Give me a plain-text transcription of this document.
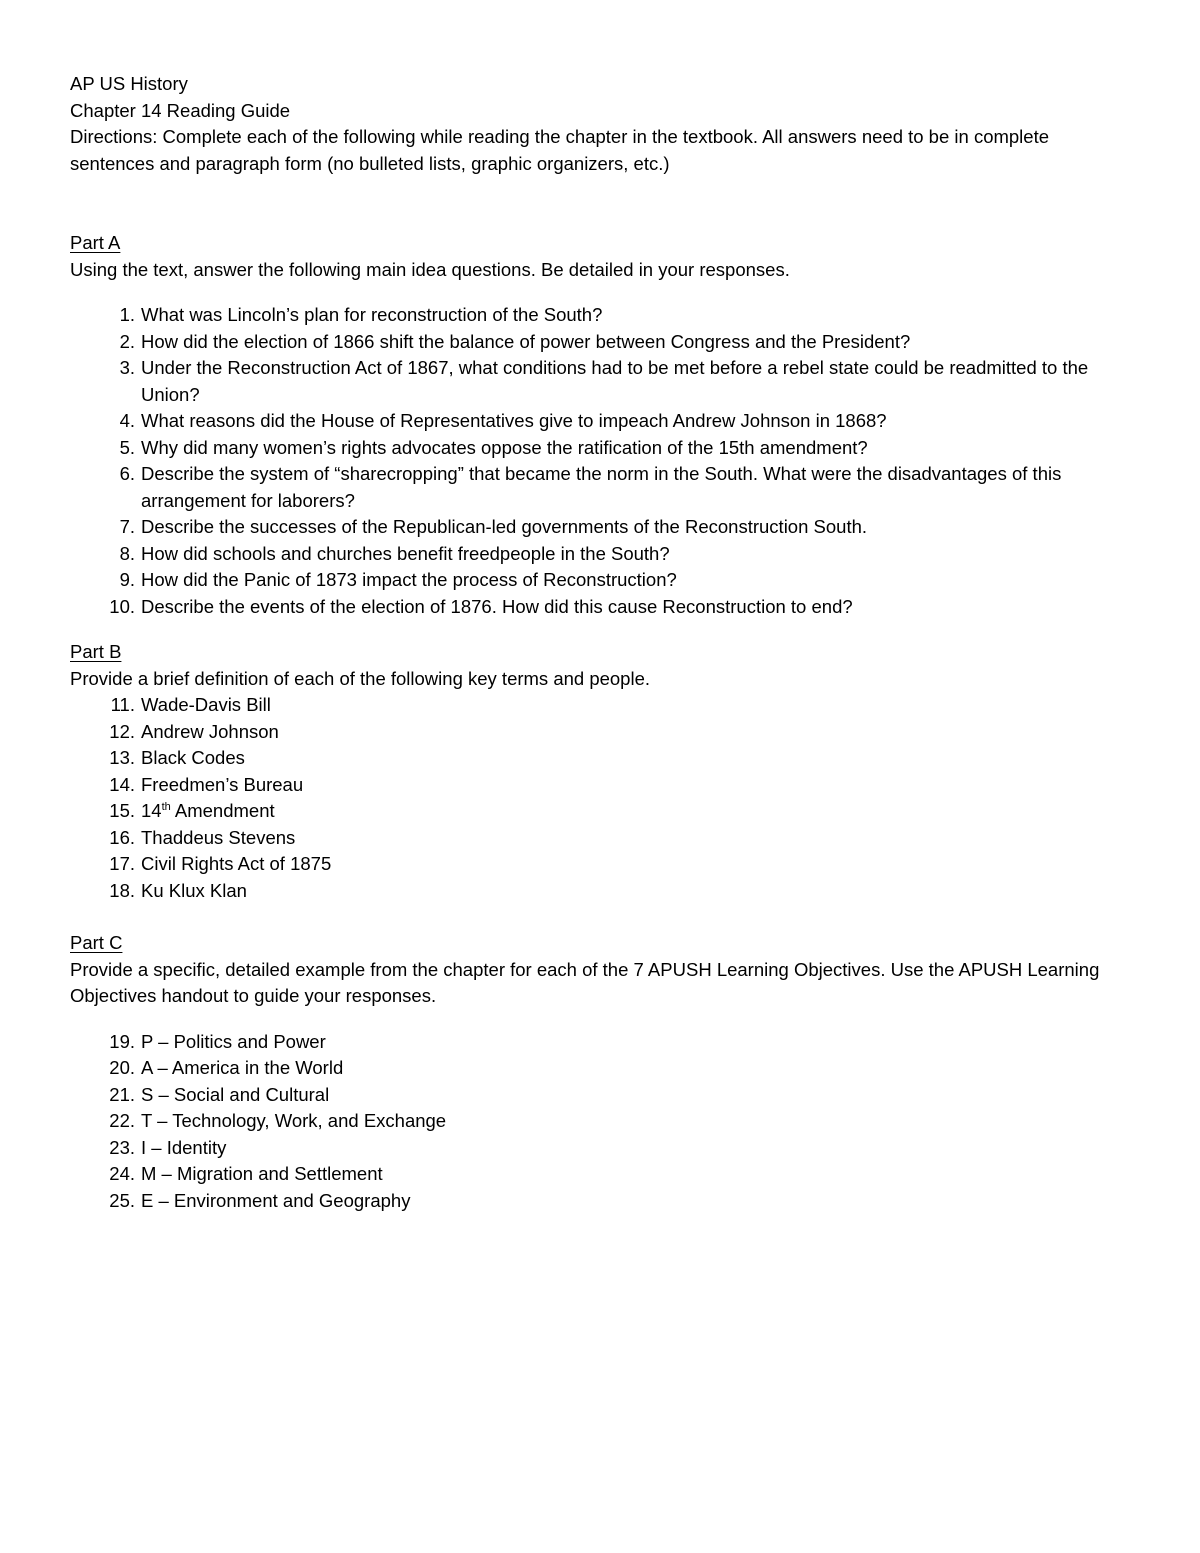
AP US History

Chapter 14 Reading Guide

Directions: Complete each of the following while reading the chapter in the textbook. All answers need to be in complete sentences and paragraph form (no bulleted lists, graphic organizers, etc.)

Part A

Using the text, answer the following main idea questions. Be detailed in your responses.

1. What was Lincoln’s plan for reconstruction of the South?
2. How did the election of 1866 shift the balance of power between Congress and the President?
3. Under the Reconstruction Act of 1867, what conditions had to be met before a rebel state could be readmitted to the Union?
4. What reasons did the House of Representatives give to impeach Andrew Johnson in 1868?
5. Why did many women’s rights advocates oppose the ratification of the 15th amendment?
6. Describe the system of “sharecropping” that became the norm in the South. What were the disadvantages of this arrangement for laborers?
7. Describe the successes of the Republican-led governments of the Reconstruction South.
8. How did schools and churches benefit freedpeople in the South?
9. How did the Panic of 1873 impact the process of Reconstruction?
10. Describe the events of the election of 1876. How did this cause Reconstruction to end?

Part B

Provide a brief definition of each of the following key terms and people.

11. Wade-Davis Bill
12. Andrew Johnson
13. Black Codes
14. Freedmen’s Bureau
15. 14th Amendment
16. Thaddeus Stevens
17. Civil Rights Act of 1875
18. Ku Klux Klan

Part C

Provide a specific, detailed example from the chapter for each of the 7 APUSH Learning Objectives. Use the APUSH Learning Objectives handout to guide your responses.

19. P – Politics and Power
20. A – America in the World
21. S – Social and Cultural
22. T – Technology, Work, and Exchange
23. I – Identity
24. M – Migration and Settlement
25. E – Environment and Geography
